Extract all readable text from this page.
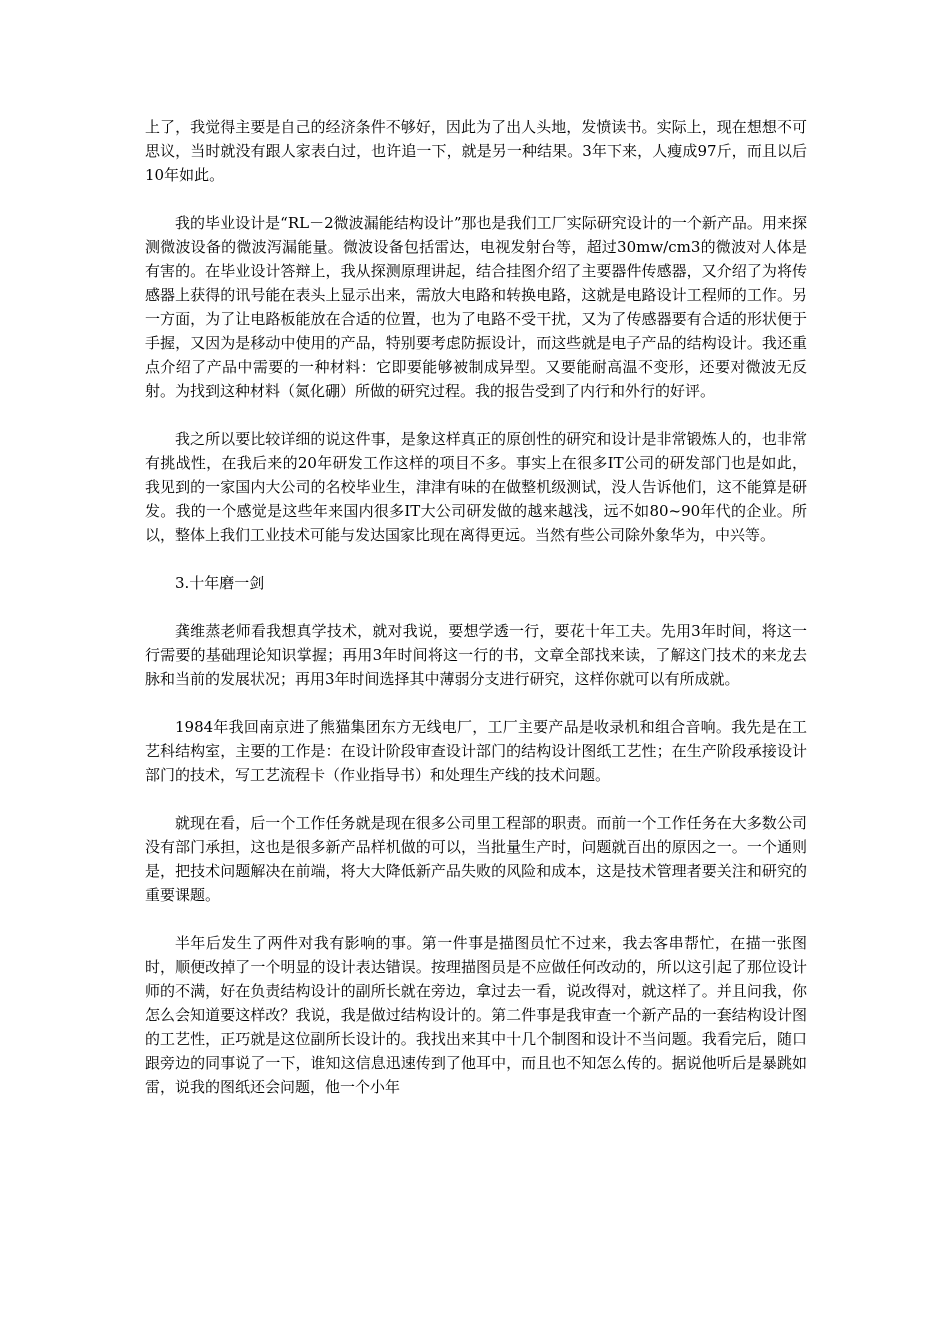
上了，我觉得主要是自己的经济条件不够好，因此为了出人头地，发愤读书。实际上，现在想想不可思议，当时就没有跟人家表白过，也许追一下，就是另一种结果。3年下来，人瘦成97斤，而且以后10年如此。

我的毕业设计是“RL－2微波漏能结构设计”那也是我们工厂实际研究设计的一个新产品。用来探测微波设备的微波泻漏能量。微波设备包括雷达，电视发射台等，超过30mw/cm3的微波对人体是有害的。在毕业设计答辩上，我从探测原理讲起，结合挂图介绍了主要器件传感器，又介绍了为将传感器上获得的讯号能在表头上显示出来，需放大电路和转换电路，这就是电路设计工程师的工作。另一方面，为了让电路板能放在合适的位置，也为了电路不受干扰，又为了传感器要有合适的形状便于手握，又因为是移动中使用的产品，特别要考虑防振设计，而这些就是电子产品的结构设计。我还重点介绍了产品中需要的一种材料：它即要能够被制成异型。又要能耐高温不变形，还要对微波无反射。为找到这种材料（氮化硼）所做的研究过程。我的报告受到了内行和外行的好评。

我之所以要比较详细的说这件事，是象这样真正的原创性的研究和设计是非常锻炼人的，也非常有挑战性，在我后来的20年研发工作这样的项目不多。事实上在很多IT公司的研发部门也是如此，我见到的一家国内大公司的名校毕业生，津津有味的在做整机级测试，没人告诉他们，这不能算是研发。我的一个感觉是这些年来国内很多IT大公司研发做的越来越浅，远不如80~90年代的企业。所以，整体上我们工业技术可能与发达国家比现在离得更远。当然有些公司除外象华为，中兴等。

3.十年磨一剑

龚维蒸老师看我想真学技术，就对我说，要想学透一行，要花十年工夫。先用3年时间，将这一行需要的基础理论知识掌握；再用3年时间将这一行的书，文章全部找来读，了解这门技术的来龙去脉和当前的发展状况；再用3年时间选择其中薄弱分支进行研究，这样你就可以有所成就。

1984年我回南京进了熊猫集团东方无线电厂，工厂主要产品是收录机和组合音响。我先是在工艺科结构室，主要的工作是：在设计阶段审查设计部门的结构设计图纸工艺性；在生产阶段承接设计部门的技术，写工艺流程卡（作业指导书）和处理生产线的技术问题。

就现在看，后一个工作任务就是现在很多公司里工程部的职责。而前一个工作任务在大多数公司没有部门承担，这也是很多新产品样机做的可以，当批量生产时，问题就百出的原因之一。一个通则是，把技术问题解决在前端，将大大降低新产品失败的风险和成本，这是技术管理者要关注和研究的重要课题。

半年后发生了两件对我有影响的事。第一件事是描图员忙不过来，我去客串帮忙，在描一张图时，顺便改掉了一个明显的设计表达错误。按理描图员是不应做任何改动的，所以这引起了那位设计师的不满，好在负责结构设计的副所长就在旁边，拿过去一看，说改得对，就这样了。并且问我，你怎么会知道要这样改？我说，我是做过结构设计的。第二件事是我审查一个新产品的一套结构设计图的工艺性，正巧就是这位副所长设计的。我找出来其中十几个制图和设计不当问题。我看完后，随口跟旁边的同事说了一下，谁知这信息迅速传到了他耳中，而且也不知怎么传的。据说他听后是暴跳如雷，说我的图纸还会问题，他一个小年
